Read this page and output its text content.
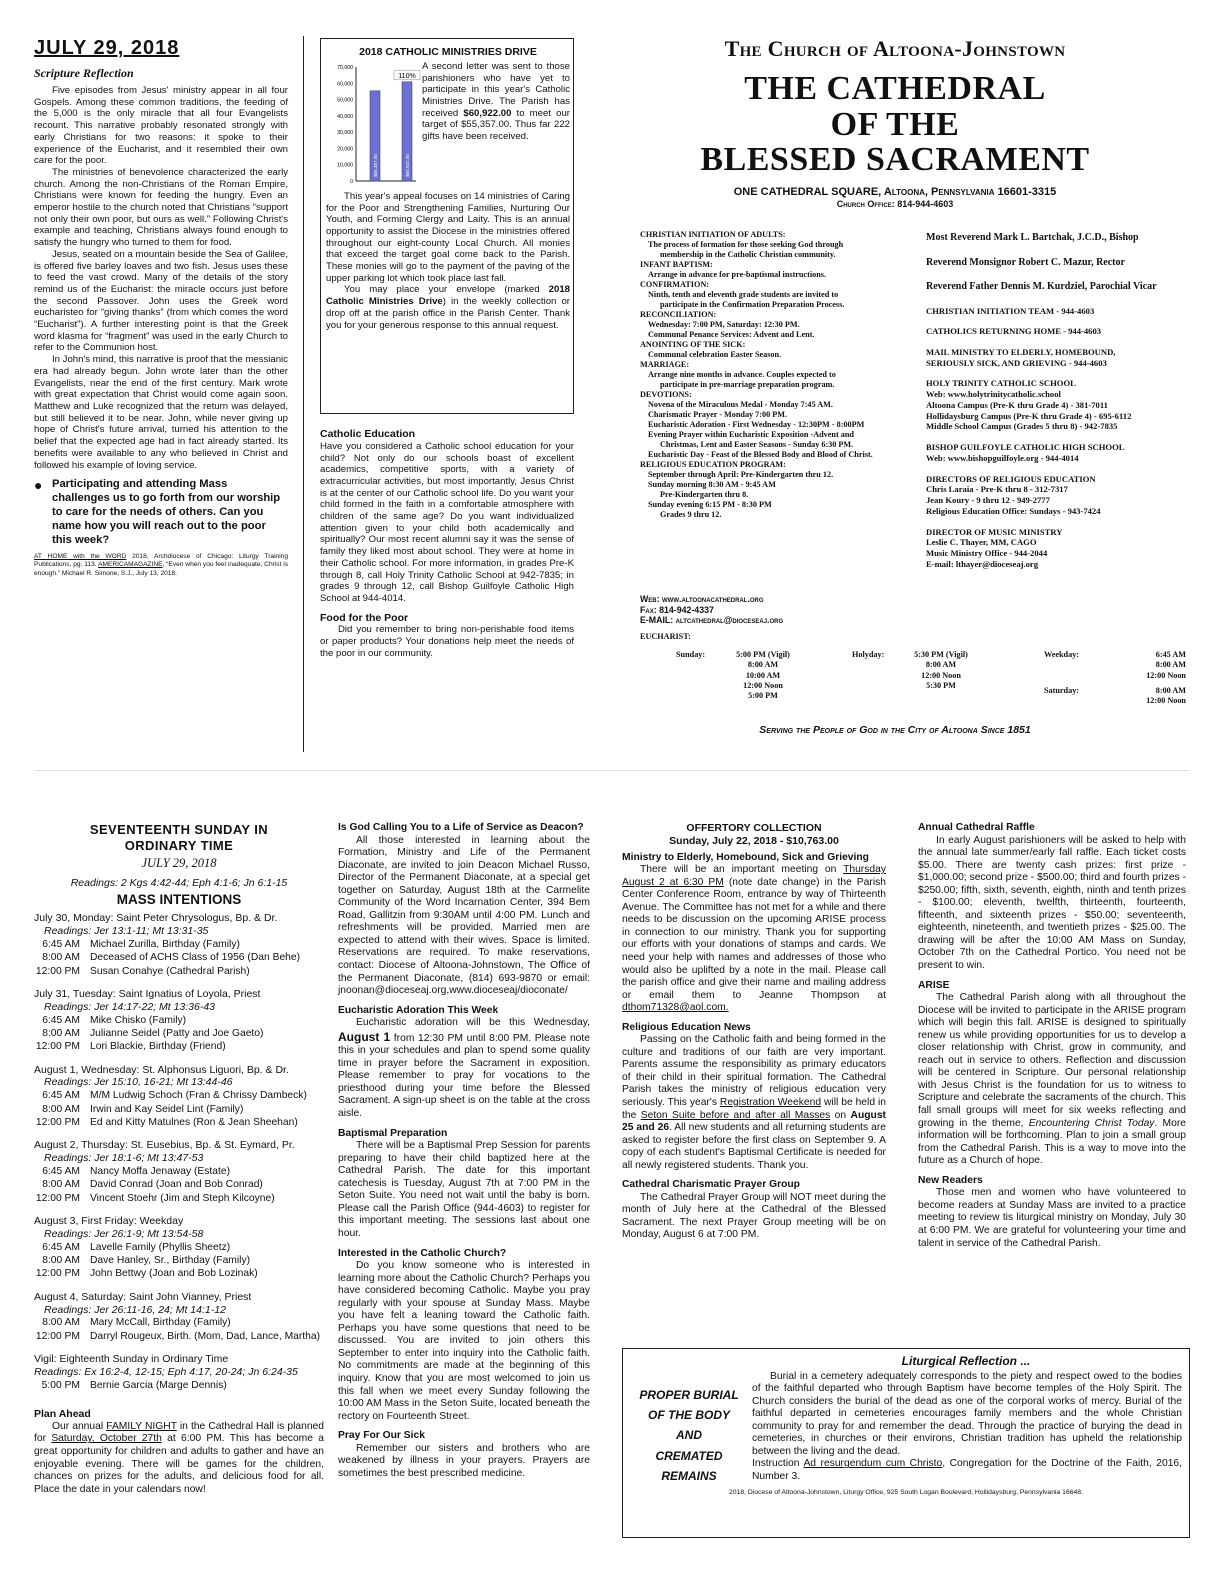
JULY 29, 2018
Scripture Reflection

Five episodes from Jesus' ministry appear in all four Gospels. Among these common traditions, the feeding of the 5,000 is the only miracle that all four Evangelists recount. This narrative probably resonated strongly with early Christians for two reasons: it spoke to their experience of the Eucharist, and it resembled their own care for the poor.

The ministries of benevolence characterized the early church. Among the non-Christians of the Roman Empire, Christians were known for feeding the hungry. Even an emperor hostile to the church noted that Christians “support not only their own poor, but ours as well.” Following Christ's example and teaching, Christians always found enough to satisfy the hungry who turned to them for food.

Jesus, seated on a mountain beside the Sea of Galilee, is offered five barley loaves and two fish. Jesus uses these to feed the vast crowd. Many of the details of the story remind us of the Eucharist: the miracle occurs just before the second Passover. John uses the Greek word eucharisteo for “giving thanks” (from which comes the word “Eucharist”). A further interesting point is that the Greek word klasma for “fragment” was used in the early Church to refer to the Communion host.

In John's mind, this narrative is proof that the messianic era had already begun. John wrote later than the other Evangelists, near the end of the first century. Mark wrote with great expectation that Christ would come again soon. Matthew and Luke recognized that the return was delayed, but still believed it to be near. John, while never giving up hope of Christ's future arrival, turned his attention to the belief that the expected age had in fact already started. Its benefits were available to any who believed in Christ and followed his example of loving service.

● Participating and attending Mass challenges us to go forth from our worship to care for the needs of others. Can you name how you will reach out to the poor this week?
AT HOME with the WORD 2018, Archdiocese of Chicago: Liturgy Training Publications, pg. 113. AMERICAMAGAZINE, “Even when you feel inadequate, Christ is enough.” Michael R. Simone, S.J., July 13, 2018.
2018 CATHOLIC MINISTRIES DRIVE
0
10,000
20,000
30,000
40,000
50,000
60,000
70,000
$55,357.00	$60,922.00
110%

A second letter was sent to those parishioners who have yet to participate in this year's Catholic Ministries Drive. The Parish has received $60,922.00 to meet our target of $55,357.00. Thus far 222 gifts have been received.

This year's appeal focuses on 14 ministries of Caring for the Poor and Strengthening Families, Nurturing Our Youth, and Forming Clergy and Laity. This is an annual opportunity to assist the Diocese in the ministries offered throughout our eight-county Local Church. All monies that exceed the target goal come back to the Parish. These monies will go to the payment of the paving of the upper parking lot which took place last fall.

You may place your envelope (marked 2018 Catholic Ministries Drive) in the weekly collection or drop off at the parish office in the Parish Center. Thank you for your generous response to this annual request.

Catholic Education

Have you considered a Catholic school education for your child? Not only do our schools boast of excellent academics, competitive sports, with a variety of extracurricular activities, but most importantly, Jesus Christ is at the center of our Catholic school life. Do you want your child formed in the faith in a comfortable atmosphere with children of the same age? Do you want individualized attention given to your child both academically and spiritually? Our most recent alumni say it was the sense of family they liked most about school. They were at home in their Catholic school. For more information, in grades Pre-K through 8, call Holy Trinity Catholic School at 942-7835; in grades 9 through 12, call Bishop Guilfoyle Catholic High School at 944-4014.

Food for the Poor

Did you remember to bring non-perishable food items or paper products? Your donations help meet the needs of the poor in our community.

The Church of Altoona-Johnstown
THE CATHEDRAL
OF THE
BLESSED SACRAMENT
ONE CATHEDRAL SQUARE, Altoona, Pennsylvania 16601-3315
Church Office: 814-944-4603
CHRISTIAN INITIATION OF ADULTS:
The process of formation for those seeking God through
membership in the Catholic Christian community.
INFANT BAPTISM:
Arrange in advance for pre-baptismal instructions.
CONFIRMATION:
Ninth, tenth and eleventh grade students are invited to
participate in the Confirmation Preparation Process.
RECONCILIATION:
Wednesday: 7:00 PM, Saturday: 12:30 PM.
Communal Penance Services: Advent and Lent.
ANOINTING OF THE SICK:
Communal celebration Easter Season.
MARRIAGE:
Arrange nine months in advance. Couples expected to
participate in pre-marriage preparation program.
DEVOTIONS:
Novena of the Miraculous Medal - Monday 7:45 AM.
Charismatic Prayer - Monday 7:00 PM.
Eucharistic Adoration - First Wednesday - 12:30PM - 8:00PM
Evening Prayer within Eucharistic Exposition -Advent and
Christmas, Lent and Easter Seasons - Sunday 6:30 PM.
Eucharistic Day - Feast of the Blessed Body and Blood of Christ.
RELIGIOUS EDUCATION PROGRAM:
September through April: Pre-Kindergarten thru 12.
Sunday morning 8:30 AM - 9:45 AM
Pre-Kindergarten thru 8.
Sunday evening 6:15 PM - 8:30 PM
Grades 9 thru 12.
Web: www.altoonacathedral.org
Fax: 814-942-4337
E-MAIL: altcathedral@dioceseaj.org
Most Reverend Mark L. Bartchak, J.C.D., Bishop
Reverend Monsignor Robert C. Mazur, Rector
Reverend Father Dennis M. Kurdziel, Parochial Vicar
CHRISTIAN INITIATION TEAM - 944-4603
CATHOLICS RETURNING HOME - 944-4603
MAIL MINISTRY TO ELDERLY, HOMEBOUND,
SERIOUSLY SICK, AND GRIEVING - 944-4603
HOLY TRINITY CATHOLIC SCHOOL
Web: www.holytrinitycatholic.school
Altoona Campus (Pre-K thru Grade 4) - 381-7011
Hollidaysburg Campus (Pre-K thru Grade 4) - 695-6112
Middle School Campus (Grades 5 thru 8) - 942-7835
BISHOP GUILFOYLE CATHOLIC HIGH SCHOOL
Web: www.bishopguilfoyle.org - 944-4014
DIRECTORS OF RELIGIOUS EDUCATION
Chris Laraia - Pre-K thru 8 - 312-7317
Jean Koury - 9 thru 12 - 949-2777
Religious Education Office: Sundays - 943-7424
DIRECTOR OF MUSIC MINISTRY
Leslie C. Thayer, MM, CAGO
Music Ministry Office - 944-2044
E-mail: lthayer@dioceseaj.org
EUCHARIST:
Sunday:	5:00 PM (Vigil)
8:00 AM
10:00 AM
12:00 Noon
5:00 PM
Holyday:	5:30 PM (Vigil)
8:00 AM
12:00 Noon
5:30 PM
Weekday:	6:45 AM
8:00 AM
12:00 Noon
Saturday:	8:00 AM
12:00 Noon
Serving the People of God in the City of Altoona Since 1851
SEVENTEENTH SUNDAY IN
ORDINARY TIME
JULY 29, 2018
Readings: 2 Kgs 4:42-44; Eph 4:1-6; Jn 6:1-15
MASS INTENTIONS
July 30, Monday: Saint Peter Chrysologus, Bp. & Dr.
Readings: Jer 13:1-11; Mt 13:31-35
6:45 AM Michael Zurilla, Birthday (Family)
8:00 AM Deceased of ACHS Class of 1956 (Dan Behe)
12:00 PM Susan Conahye (Cathedral Parish)
July 31, Tuesday: Saint Ignatius of Loyola, Priest
Readings: Jer 14:17-22; Mt 13:36-43
6:45 AM Mike Chisko (Family)
8:00 AM Julianne Seidel (Patty and Joe Gaeto)
12:00 PM Lori Blackie, Birthday (Friend)
August 1, Wednesday: St. Alphonsus Liguori, Bp. & Dr.
Readings: Jer 15:10, 16-21; Mt 13:44-46
6:45 AM M/M Ludwig Schoch (Fran & Chrissy Dambeck)
8:00 AM Irwin and Kay Seidel Lint (Family)
12:00 PM Ed and Kitty Matulnes (Ron & Jean Sheehan)
August 2, Thursday: St. Eusebius, Bp. & St. Eymard, Pr.
Readings: Jer 18:1-6; Mt 13:47-53
6:45 AM Nancy Moffa Jenaway (Estate)
8:00 AM David Conrad (Joan and Bob Conrad)
12:00 PM Vincent Stoehr (Jim and Steph Kilcoyne)
August 3, First Friday: Weekday
Readings: Jer 26:1-9; Mt 13:54-58
6:45 AM Lavelle Family (Phyllis Sheetz)
8:00 AM Dave Hanley, Sr., Birthday (Family)
12:00 PM John Bettwy (Joan and Bob Lozinak)
August 4, Saturday: Saint John Vianney, Priest
Readings: Jer 26:11-16, 24; Mt 14:1-12
8:00 AM Mary McCall, Birthday (Family)
12:00 PM Darryl Rougeux, Birth. (Mom, Dad, Lance, Martha)
Vigil: Eighteenth Sunday in Ordinary Time
Readings: Ex 16:2-4, 12-15; Eph 4:17, 20-24; Jn 6:24-35
5:00 PM Bernie Garcia (Marge Dennis)
Plan Ahead

Our annual FAMILY NIGHT in the Cathedral Hall is planned for Saturday, October 27th at 6:00 PM. This has become a great opportunity for children and adults to gather and have an enjoyable evening. There will be games for the children, chances on prizes for the adults, and delicious food for all. Place the date in your calendars now!

Is God Calling You to a Life of Service as Deacon?

All those interested in learning about the Formation, Ministry and Life of the Permanent Diaconate, are invited to join Deacon Michael Russo, Director of the Permanent Diaconate, at a special get together on Saturday, August 18th at the Carmelite Community of the Word Incarnation Center, 394 Bem Road, Gallitzin from 9:30AM until 4:00 PM. Lunch and refreshments will be provided. Married men are expected to attend with their wives. Space is limited. Reservations are required. To make reservations, contact: Diocese of Altoona-Johnstown, The Office of the Permanent Diaconate, (814) 693-9870 or email: jnoonan@dioceseaj.org,www.dioceseaj/dioconate/

Eucharistic Adoration This Week

Eucharistic adoration will be this Wednesday, August 1 from 12:30 PM until 8:00 PM. Please note this in your schedules and plan to spend some quality time in prayer before the Sacrament in exposition. Please remember to pray for vocations to the priesthood during your time before the Blessed Sacrament. A sign-up sheet is on the table at the cross aisle.

Baptismal Preparation

There will be a Baptismal Prep Session for parents preparing to have their child baptized here at the Cathedral Parish. The date for this important catechesis is Tuesday, August 7th at 7:00 PM in the Seton Suite. You need not wait until the baby is born. Please call the Parish Office (944-4603) to register for this important meeting. The sessions last about one hour.

Interested in the Catholic Church?

Do you know someone who is interested in learning more about the Catholic Church? Perhaps you have considered becoming Catholic. Maybe you pray regularly with your spouse at Sunday Mass. Maybe you have felt a leaning toward the Catholic faith. Perhaps you have some questions that need to be discussed. You are invited to join others this September to enter into inquiry into the Catholic faith. No commitments are made at the beginning of this inquiry. Know that you are most welcomed to join us this fall when we meet every Sunday following the 10:00 AM Mass in the Seton Suite, located beneath the rectory on Fourteenth Street.

Pray For Our Sick

Remember our sisters and brothers who are weakened by illness in your prayers. Prayers are sometimes the best prescribed medicine.

OFFERTORY COLLECTION
Sunday, July 22, 2018 - $10,763.00
Ministry to Elderly, Homebound, Sick and Grieving

There will be an important meeting on Thursday August 2 at 6:30 PM (note date change) in the Parish Center Conference Room, entrance by way of Thirteenth Avenue. The Committee has not met for a while and there needs to be discussion on the upcoming ARISE process in connection to our ministry. Thank you for supporting our efforts with your donations of stamps and cards. We need your help with names and addresses of those who would also be uplifted by a note in the mail. Please call the parish office and give their name and mailing address or email them to Jeanne Thompson at dthom71328@aol.com.

Religious Education News

Passing on the Catholic faith and being formed in the culture and traditions of our faith are very important. Parents assume the responsibility as primary educators of their child in their spiritual formation. The Cathedral Parish takes the ministry of religious education very seriously. This year's Registration Weekend will be held in the Seton Suite before and after all Masses on August 25 and 26. All new students and all returning students are asked to register before the first class on September 9. A copy of each student's Baptismal Certificate is needed for all newly registered students. Thank you.

Cathedral Charismatic Prayer Group

The Cathedral Prayer Group will NOT meet during the month of July here at the Cathedral of the Blessed Sacrament. The next Prayer Group meeting will be on Monday, August 6 at 7:00 PM.

Annual Cathedral Raffle

In early August parishioners will be asked to help with the annual late summer/early fall raffle. Each ticket costs $5.00. There are twenty cash prizes: first prize - $1,000.00; second prize - $500.00; third and fourth prizes - $250.00; fifth, sixth, seventh, eighth, ninth and tenth prizes - $100.00; eleventh, twelfth, thirteenth, fourteenth, fifteenth, and sixteenth prizes - $50.00; seventeenth, eighteenth, nineteenth, and twentieth prizes - $25.00. The drawing will be after the 10:00 AM Mass on Sunday, October 7th on the Cathedral Portico. You need not be present to win.

ARISE

The Cathedral Parish along with all throughout the Diocese will be invited to participate in the ARISE program which will begin this fall. ARISE is designed to spiritually renew us while providing opportunities for us to develop a closer relationship with Christ, grow in community, and reach out in service to others. Reflection and discussion will be centered in Scripture. Our personal relationship with Jesus Christ is the foundation for us to witness to Scripture and celebrate the sacraments of the church. This fall small groups will meet for six weeks reflecting and growing in the theme, Encountering Christ Today. More information will be forthcoming. Plan to join a small group from the Cathedral Parish. This is a way to move into the future as a Church of hope.

New Readers

Those men and women who have volunteered to become readers at Sunday Mass are invited to a practice meeting to review tis liturgical ministry on Monday, July 30 at 6:00 PM. We are grateful for volunteering your time and talent in service of the Cathedral Parish.

Liturgical Reflection ...
PROPER BURIAL
OF THE BODY
AND
CREMATED
REMAINS

Burial in a cemetery adequately corresponds to the piety and respect owed to the bodies of the faithful departed who through Baptism have become temples of the Holy Spirit. The Church considers the burial of the dead as one of the corporal works of mercy. Burial of the faithful departed in cemeteries encourages family members and the whole Christian community to pray for and remember the dead. Through the practice of burying the dead in cemeteries, in churches or their environs, Christian tradition has upheld the relationship between the living and the dead.

Instruction Ad resurgendum cum Christo, Congregation for the Doctrine of the Faith, 2016, Number 3.

2018, Diocese of Altoona-Johnstown, Liturgy Office, 925 South Logan Boulevard, Hollidaysburg, Pennsylvania 16648.
